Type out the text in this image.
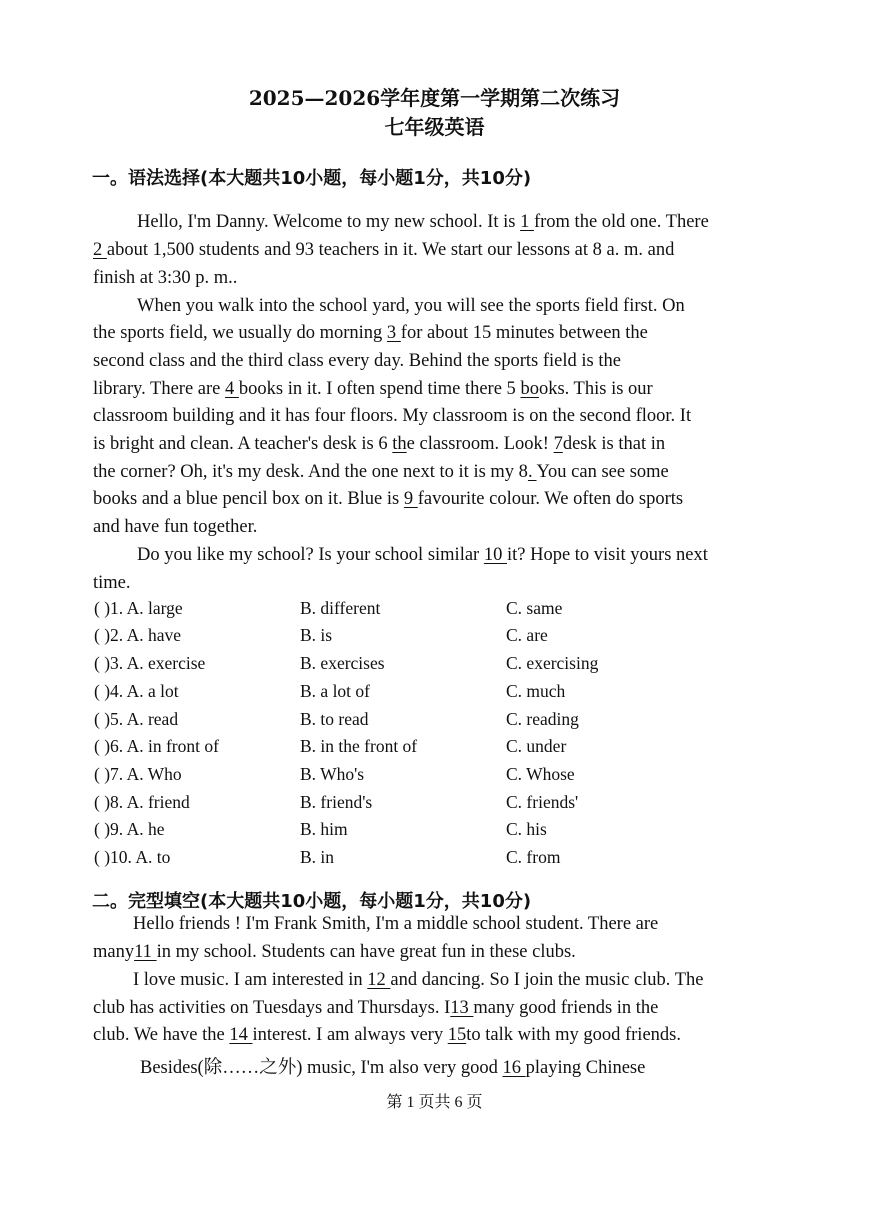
2025—2026学年度第一学期第二次练习
七年级英语
一。语法选择(本大题共10小题，每小题1分，共10分)
Hello, I'm Danny. Welcome to my new school. It is 1 from the old one. There
2 about 1,500 students and 93 teachers in it. We start our lessons at 8 a. m. and
finish at 3:30 p. m..
When you walk into the school yard, you will see the sports field first. On
the sports field, we usually do morning 3 for about 15 minutes between the
second class and the third class every day. Behind the sports field is the
library. There are 4 books in it. I often spend time there 5 books. This is our
classroom building and it has four floors. My classroom is on the second floor. It
is bright and clean. A teacher's desk is 6 the classroom. Look! 7desk is that in
the corner? Oh, it's my desk. And the one next to it is my 8. You can see some
books and a blue pencil box on it. Blue is 9 favourite colour. We often do sports
and have fun together.
Do you like my school? Is your school similar 10 it? Hope to visit yours next
time.
( )1. A. large	B. different	C. same
( )2. A. have	B. is	C. are
( )3. A. exercise	B. exercises	C. exercising
( )4. A. a lot	B. a lot of	C. much
( )5. A. read	B. to read	C. reading
( )6. A. in front of	B. in the front of	C. under
( )7. A. Who	B. Who's	C. Whose
( )8. A. friend	B. friend's	C. friends'
( )9. A. he	B. him	C. his
( )10. A. to	B. in	C. from
二。完型填空(本大题共10小题，每小题1分，共10分)
Hello friends ! I'm Frank Smith, I'm a middle school student. There are
many11 in my school. Students can have great fun in these clubs.
I love music. I am interested in 12 and dancing. So I join the music club. The
club has activities on Tuesdays and Thursdays. I13 many good friends in the
club. We have the 14 interest. I am always very 15to talk with my good friends.
Besides(除……之外) music, I'm also very good 16 playing Chinese
第 1 页共 6 页
